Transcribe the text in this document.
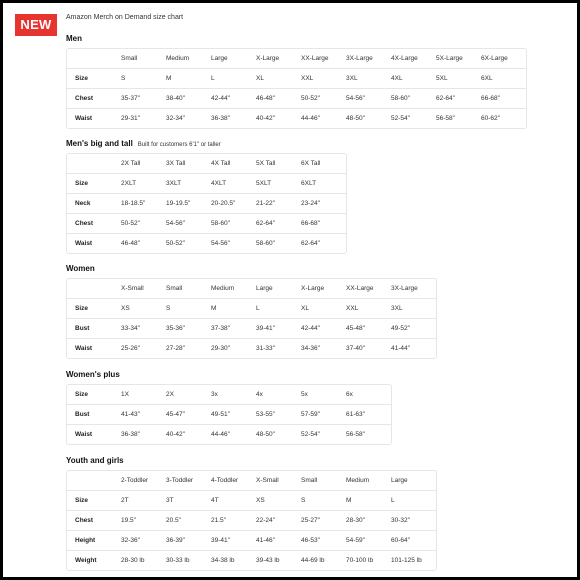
NEW	Amazon Merch on Demand size chart
Men
	Small	Medium	Large	X-Large	XX-Large	3X-Large	4X-Large	5X-Large	6X-Large
Size	S	M	L	XL	XXL	3XL	4XL	5XL	6XL
Chest	35-37"	38-40"	42-44"	46-48"	50-52"	54-56"	58-60"	62-64"	66-68"
Waist	29-31"	32-34"	36-38"	40-42"	44-46"	48-50"	52-54"	56-58"	60-62"
Men's big and tall Built for customers 6'1" or taller
	2X Tall	3X Tall	4X Tall	5X Tall	6X Tall
Size	2XLT	3XLT	4XLT	5XLT	6XLT
Neck	18-18.5"	19-19.5"	20-20.5"	21-22"	23-24"
Chest	50-52"	54-56"	58-60"	62-64"	66-68"
Waist	46-48"	50-52"	54-56"	58-60"	62-64"
Women
	X-Small	Small	Medium	Large	X-Large	XX-Large	3X-Large
Size	XS	S	M	L	XL	XXL	3XL
Bust	33-34"	35-36"	37-38"	39-41"	42-44"	45-48"	49-52"
Waist	25-26"	27-28"	29-30"	31-33"	34-36"	37-40"	41-44"
Women's plus
Size	1X	2X	3x	4x	5x	6x
Bust	41-43"	45-47"	49-51"	53-55"	57-59"	61-63"
Waist	36-38"	40-42"	44-46"	48-50"	52-54"	56-58"
Youth and girls
	2-Toddler	3-Toddler	4-Toddler	X-Small	Small	Medium	Large
Size	2T	3T	4T	XS	S	M	L
Chest	19.5"	20.5"	21.5"	22-24"	25-27"	28-30"	30-32"
Height	32-36"	36-39"	39-41"	41-46"	46-53"	54-59"	60-64"
Weight	28-30 lb	30-33 lb	34-38 lb	39-43 lb	44-69 lb	70-100 lb	101-125 lb
